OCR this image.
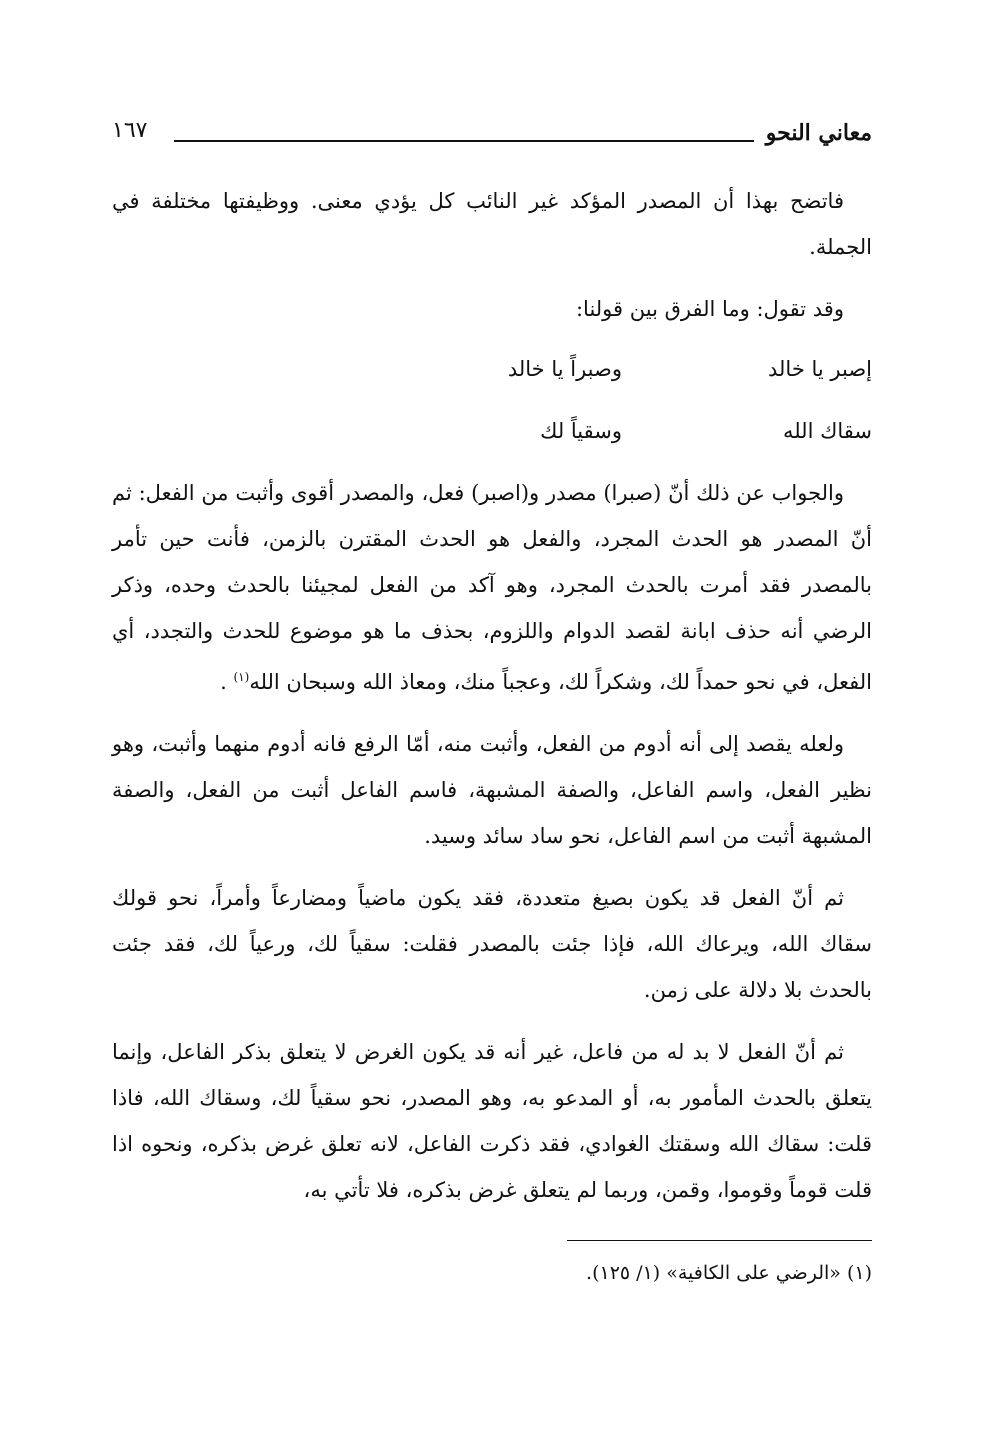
معاني النحو
١٦٧

فاتضح بهذا أن المصدر المؤكد غير النائب كل يؤدي معنى. ووظيفتها مختلفة في الجملة.

وقد تقول: وما الفرق بين قولنا:

إصبر يا خالد
وصبراً يا خالد
سقاك الله
وسقياً لك

والجواب عن ذلك أنّ (صبرا) مصدر و(اصبر) فعل، والمصدر أقوى وأثبت من الفعل: ثم أنّ المصدر هو الحدث المجرد، والفعل هو الحدث المقترن بالزمن، فأنت حين تأمر بالمصدر فقد أمرت بالحدث المجرد، وهو آكد من الفعل لمجيئنا بالحدث وحده، وذكر الرضي أنه حذف ابانة لقصد الدوام واللزوم، بحذف ما هو موضوع للحدث والتجدد، أي الفعل، في نحو حمداً لك، وشكراً لك، وعجباً منك، ومعاذ الله وسبحان الله$^{(١)}$ .

ولعله يقصد إلى أنه أدوم من الفعل، وأثبت منه، أمّا الرفع فانه أدوم منهما وأثبت، وهو نظير الفعل، واسم الفاعل، والصفة المشبهة، فاسم الفاعل أثبت من الفعل، والصفة المشبهة أثبت من اسم الفاعل، نحو ساد سائد وسيد.

ثم أنّ الفعل قد يكون بصيغ متعددة، فقد يكون ماضياً ومضارعاً وأمراً، نحو قولك سقاك الله، ويرعاك الله، فإذا جئت بالمصدر فقلت: سقياً لك، ورعياً لك، فقد جئت بالحدث بلا دلالة على زمن.

ثم أنّ الفعل لا بد له من فاعل، غير أنه قد يكون الغرض لا يتعلق بذكر الفاعل، وإنما يتعلق بالحدث المأمور به، أو المدعو به، وهو المصدر، نحو سقياً لك، وسقاك الله، فاذا قلت: سقاك الله وسقتك الغوادي، فقد ذكرت الفاعل، لانه تعلق غرض بذكره، ونحوه اذا قلت قوماً وقوموا، وقمن، وربما لم يتعلق غرض بذكره، فلا تأتي به،

(١) «الرضي على الكافية» (١/ ١٢٥).
